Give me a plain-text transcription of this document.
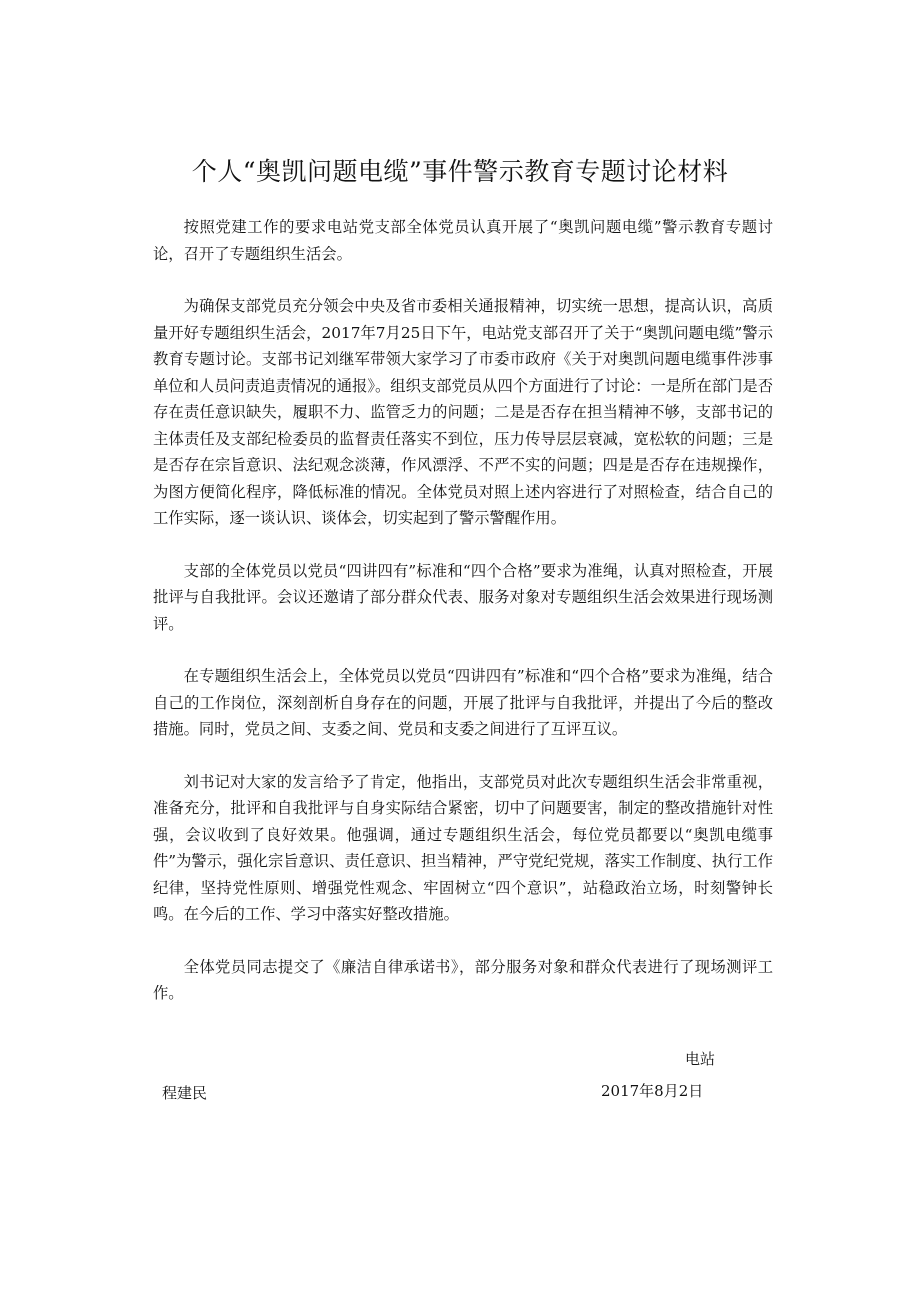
个人“奥凯问题电缆”事件警示教育专题讨论材料

按照党建工作的要求电站党支部全体党员认真开展了“奥凯问题电缆”警示教育专题讨论，召开了专题组织生活会。

为确保支部党员充分领会中央及省市委相关通报精神，切实统一思想，提高认识，高质量开好专题组织生活会，2017年7月25日下午，电站党支部召开了关于“奥凯问题电缆”警示教育专题讨论。支部书记刘继军带领大家学习了市委市政府《关于对奥凯问题电缆事件涉事单位和人员问责追责情况的通报》。组织支部党员从四个方面进行了讨论：一是所在部门是否存在责任意识缺失，履职不力、监管乏力的问题；二是是否存在担当精神不够，支部书记的主体责任及支部纪检委员的监督责任落实不到位，压力传导层层衰减，宽松软的问题；三是是否存在宗旨意识、法纪观念淡薄，作风漂浮、不严不实的问题；四是是否存在违规操作，为图方便简化程序，降低标准的情况。全体党员对照上述内容进行了对照检查，结合自己的工作实际，逐一谈认识、谈体会，切实起到了警示警醒作用。

支部的全体党员以党员“四讲四有”标准和“四个合格”要求为准绳，认真对照检查，开展批评与自我批评。会议还邀请了部分群众代表、服务对象对专题组织生活会效果进行现场测评。

在专题组织生活会上，全体党员以党员“四讲四有”标准和“四个合格”要求为准绳，结合自己的工作岗位，深刻剖析自身存在的问题，开展了批评与自我批评，并提出了今后的整改措施。同时，党员之间、支委之间、党员和支委之间进行了互评互议。

刘书记对大家的发言给予了肯定，他指出，支部党员对此次专题组织生活会非常重视，准备充分，批评和自我批评与自身实际结合紧密，切中了问题要害，制定的整改措施针对性强，会议收到了良好效果。他强调，通过专题组织生活会，每位党员都要以“奥凯电缆事件”为警示，强化宗旨意识、责任意识、担当精神，严守党纪党规，落实工作制度、执行工作纪律，坚持党性原则、增强党性观念、牢固树立“四个意识”，站稳政治立场，时刻警钟长鸣。在今后的工作、学习中落实好整改措施。

全体党员同志提交了《廉洁自律承诺书》，部分服务对象和群众代表进行了现场测评工作。

电站
程建民	2017年8月2日
